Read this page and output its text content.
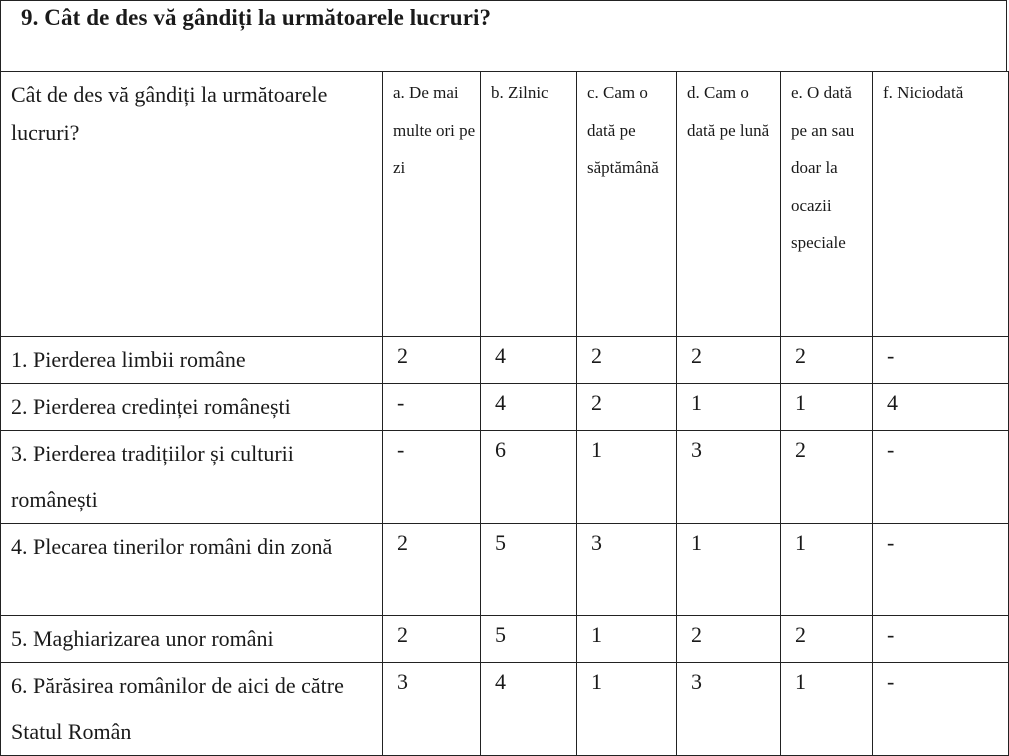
9. Cât de des vă gândiți la următoarele lucruri?
Cât de des vă gândiți la următoarele lucruri?	a. De mai multe ori pe zi	b. Zilnic	c. Cam o dată pe săptămână	d. Cam o dată pe lună	e. O dată pe an sau doar la ocazii speciale	f. Niciodată
1. Pierderea limbii române	2	4	2	2	2	-
2. Pierderea credinței românești	-	4	2	1	1	4
3. Pierderea tradițiilor și culturii românești	-	6	1	3	2	-
4. Plecarea tinerilor români din zonă	2	5	3	1	1	-
5. Maghiarizarea unor români	2	5	1	2	2	-
6. Părăsirea românilor de aici de către Statul Român	3	4	1	3	1	-
